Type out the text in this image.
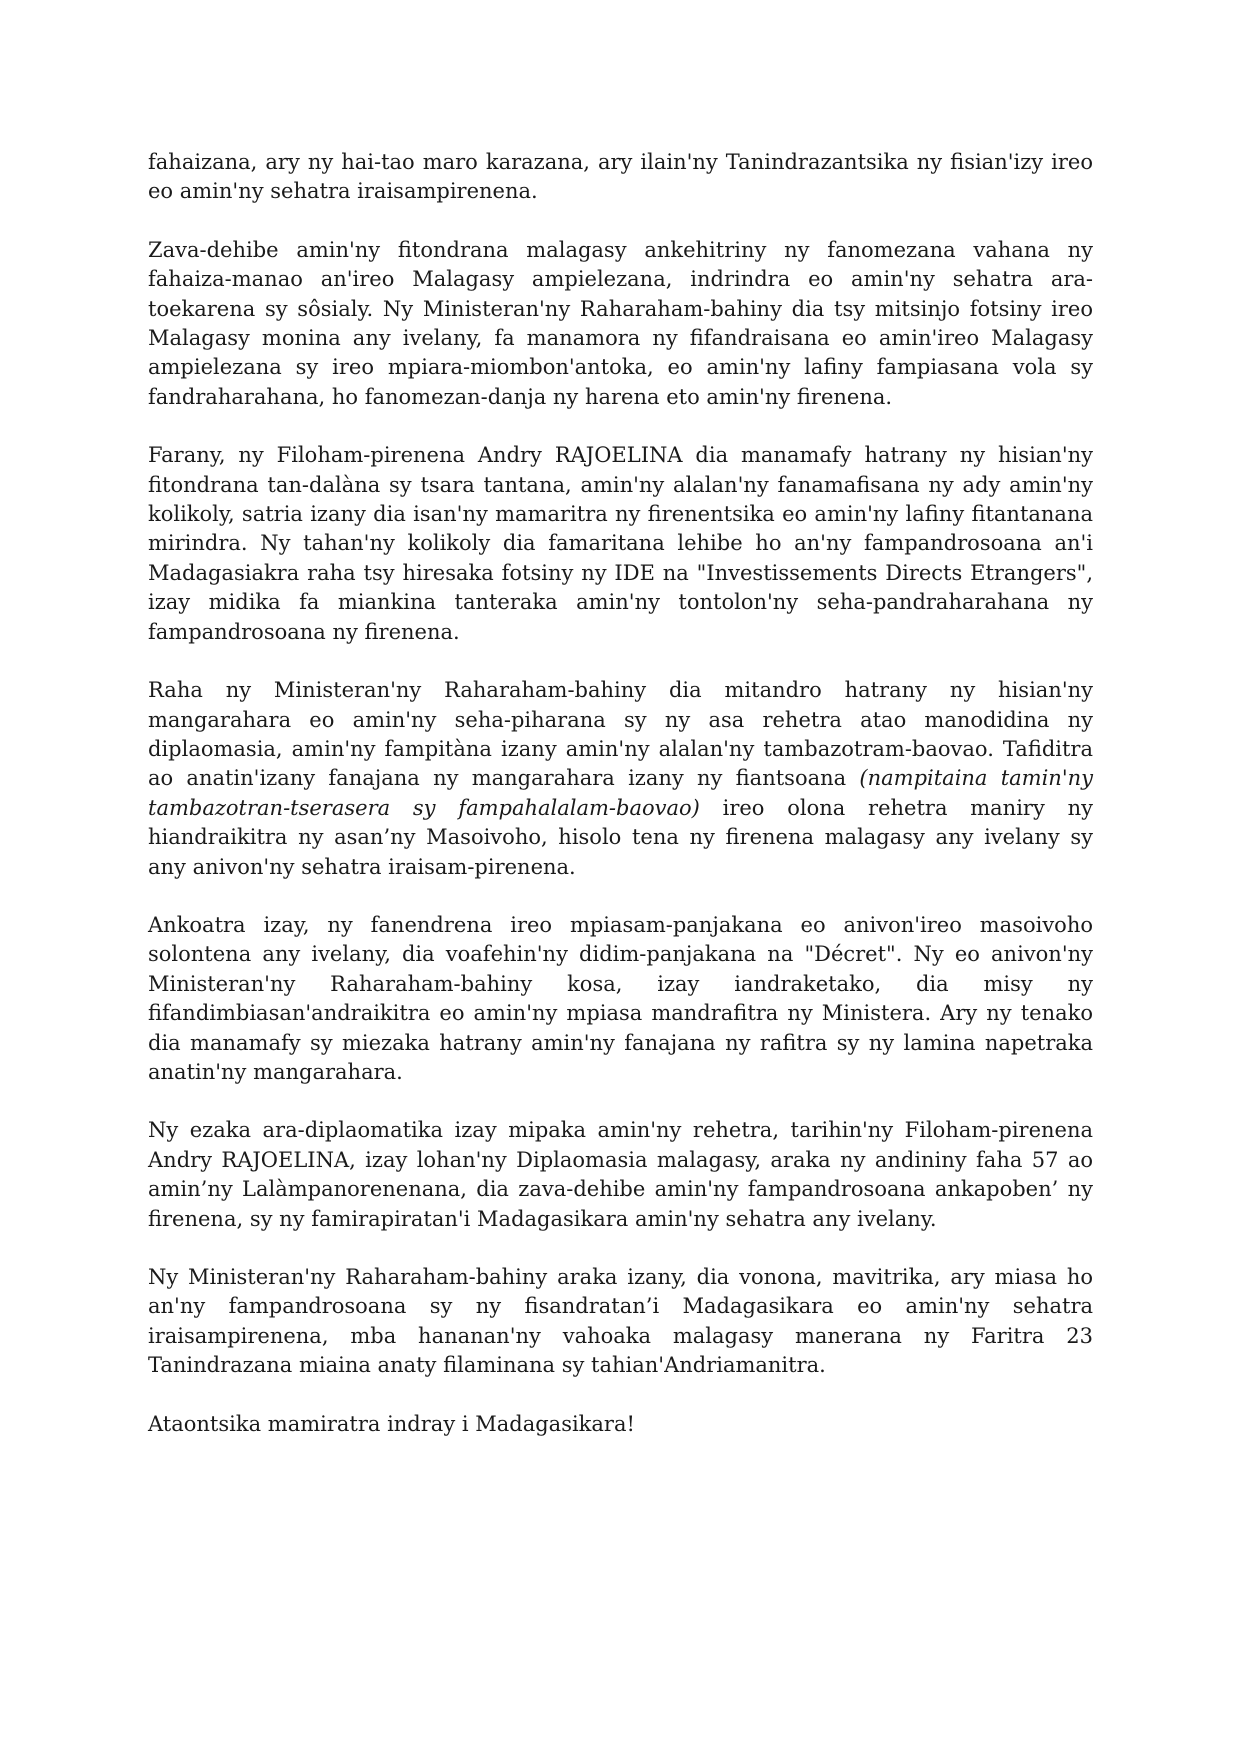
fahaizana, ary ny hai-tao maro karazana, ary ilain'ny Tanindrazantsika ny fisian'izy ireo eo amin'ny sehatra iraisampirenena.

Zava-dehibe amin'ny fitondrana malagasy ankehitriny ny fanomezana vahana ny fahaiza-manao an'ireo Malagasy ampielezana, indrindra eo amin'ny sehatra ara-toekarena sy sôsialy. Ny Ministeran'ny Raharaham-bahiny dia tsy mitsinjo fotsiny ireo Malagasy monina any ivelany, fa manamora ny fifandraisana eo amin'ireo Malagasy ampielezana sy ireo mpiara-miombon'antoka, eo amin'ny lafiny fampiasana vola sy fandraharahana, ho fanomezan-danja ny harena eto amin'ny firenena.

Farany, ny Filoham-pirenena Andry RAJOELINA dia manamafy hatrany ny hisian'ny fitondrana tan-dalàna sy tsara tantana, amin'ny alalan'ny fanamafisana ny ady amin'ny kolikoly, satria izany dia isan'ny mamaritra ny firenentsika eo amin'ny lafiny fitantanana mirindra. Ny tahan'ny kolikoly dia famaritana lehibe ho an'ny fampandrosoana an'i Madagasiakra raha tsy hiresaka fotsiny ny IDE na "Investissements Directs Etrangers", izay midika fa miankina tanteraka amin'ny tontolon'ny seha-pandraharahana ny fampandrosoana ny firenena.

Raha ny Ministeran'ny Raharaham-bahiny dia mitandro hatrany ny hisian'ny mangarahara eo amin'ny seha-piharana sy ny asa rehetra atao manodidina ny diplaomasia, amin'ny fampitàna izany amin'ny alalan'ny tambazotram-baovao. Tafiditra ao anatin'izany fanajana ny mangarahara izany ny fiantsoana (nampitaina tamin'ny tambazotran-tserasera sy fampahalalam-baovao) ireo olona rehetra maniry ny hiandraikitra ny asan’ny Masoivoho, hisolo tena ny firenena malagasy any ivelany sy any anivon'ny sehatra iraisam-pirenena.

Ankoatra izay, ny fanendrena ireo mpiasam-panjakana eo anivon'ireo masoivoho solontena any ivelany, dia voafehin'ny didim-panjakana na "Décret". Ny eo anivon'ny Ministeran'ny Raharaham-bahiny kosa, izay iandraketako, dia misy ny fifandimbiasan'andraikitra eo amin'ny mpiasa mandrafitra ny Ministera. Ary ny tenako dia manamafy sy miezaka hatrany amin'ny fanajana ny rafitra sy ny lamina napetraka anatin'ny mangarahara.

Ny ezaka ara-diplaomatika izay mipaka amin'ny rehetra, tarihin'ny Filoham-pirenena Andry RAJOELINA, izay lohan'ny Diplaomasia malagasy, araka ny andininy faha 57 ao amin’ny Lalàmpanorenenana, dia zava-dehibe amin'ny fampandrosoana ankapoben’ ny firenena, sy ny famirapiratan'i Madagasikara amin'ny sehatra any ivelany.

Ny Ministeran'ny Raharaham-bahiny araka izany, dia vonona, mavitrika, ary miasa ho an'ny fampandrosoana sy ny fisandratan’i Madagasikara eo amin'ny sehatra iraisampirenena, mba hananan'ny vahoaka malagasy manerana ny Faritra 23 Tanindrazana miaina anaty filaminana sy tahian'Andriamanitra.

Ataontsika mamiratra indray i Madagasikara!
